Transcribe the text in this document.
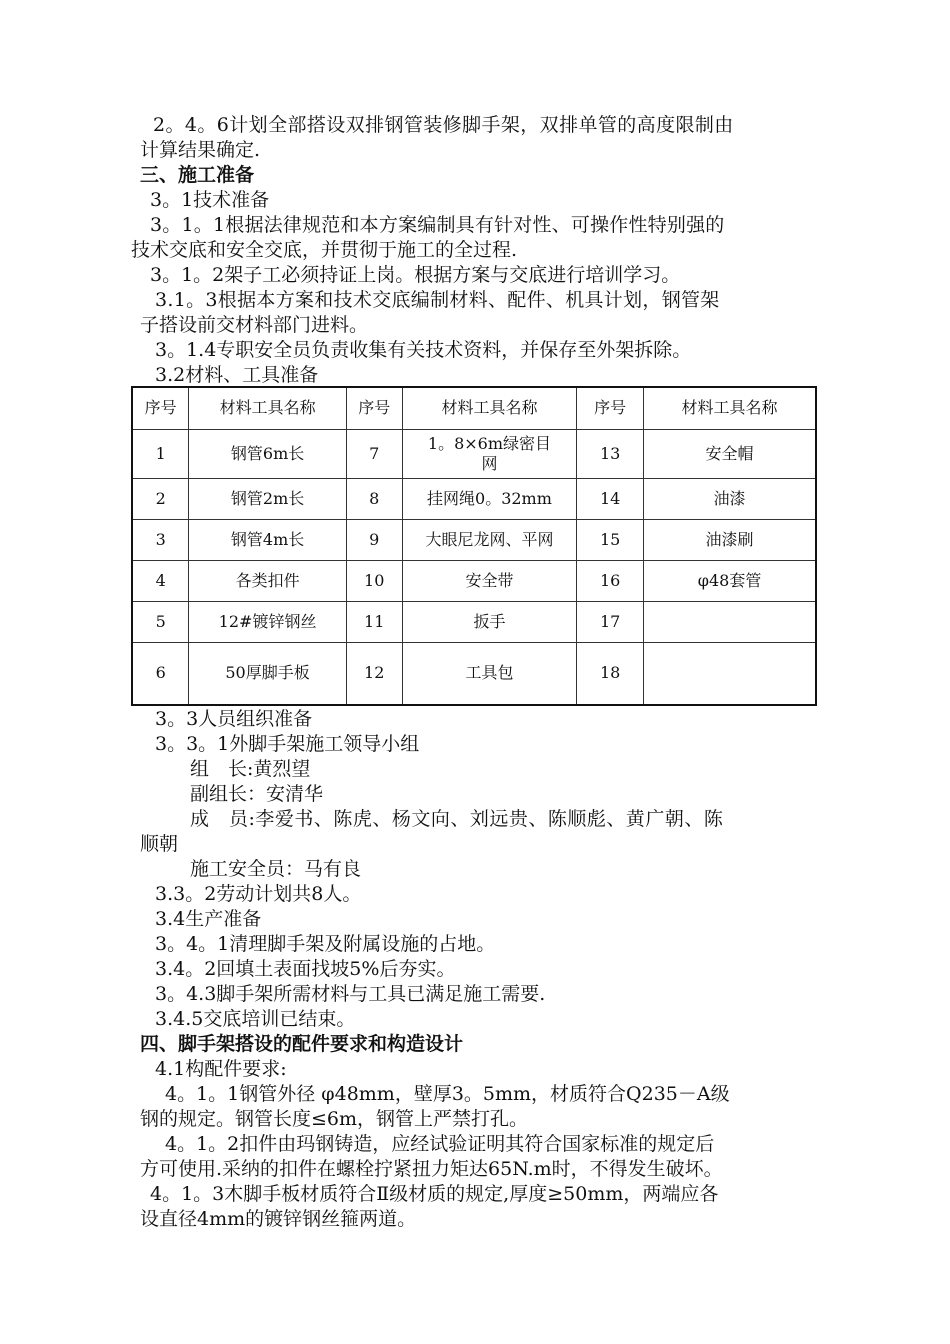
2。4。6计划全部搭设双排钢管装修脚手架，双排单管的高度限制由
计算结果确定.
三、施工准备
3。1技术准备
3。1。1根据法律规范和本方案编制具有针对性、可操作性特别强的
技术交底和安全交底，并贯彻于施工的全过程.
3。1。2架子工必须持证上岗。根据方案与交底进行培训学习。
3.1。3根据本方案和技术交底编制材料、配件、机具计划，钢管架
子搭设前交材料部门进料。
3。1.4专职安全员负责收集有关技术资料，并保存至外架拆除。
3.2材料、工具准备
序号	材料工具名称	序号	材料工具名称	序号	材料工具名称
1	钢管6m长	7	1。8×6m绿密目网	13	安全帽
2	钢管2m长	8	挂网绳0。32mm	14	油漆
3	钢管4m长	9	大眼尼龙网、平网	15	油漆刷
4	各类扣件	10	安全带	16	φ48套管
5	12#镀锌钢丝	11	扳手	17	
6	50厚脚手板	12	工具包	18	
3。3人员组织准备
3。3。1外脚手架施工领导小组
组　长:黄烈望
副组长：安清华
成　员:李爱书、陈虎、杨文向、刘远贵、陈顺彪、黄广朝、陈
顺朝
施工安全员：马有良
3.3。2劳动计划共8人。
3.4生产准备
3。4。1清理脚手架及附属设施的占地。
3.4。2回填土表面找坡5%后夯实。
3。4.3脚手架所需材料与工具已满足施工需要.
3.4.5交底培训已结束。
四、脚手架搭设的配件要求和构造设计
4.1构配件要求:
4。1。1钢管外径 φ48mm，壁厚3。5mm，材质符合Q235－A级
钢的规定。钢管长度≤6m，钢管上严禁打孔。
4。1。2扣件由玛钢铸造，应经试验证明其符合国家标准的规定后
方可使用.采纳的扣件在螺栓拧紧扭力矩达65N.m时，不得发生破坏。
4。1。3木脚手板材质符合Ⅱ级材质的规定,厚度≥50mm，两端应各
设直径4mm的镀锌钢丝箍两道。
